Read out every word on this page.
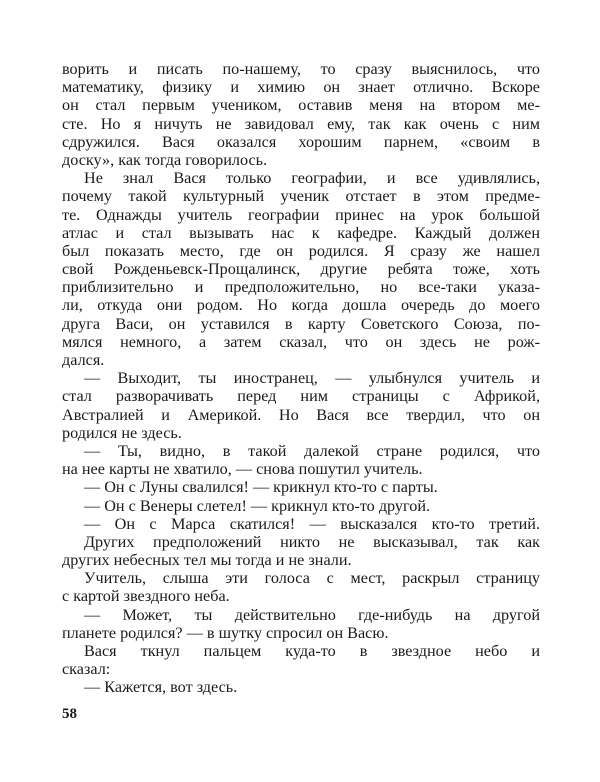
ворить и писать по-нашему, то сразу выяснилось, что
математику, физику и химию он знает отлично. Вскоре
он стал первым учеником, оставив меня на втором ме-
сте. Но я ничуть не завидовал ему, так как очень с ним
сдружился. Вася оказался хорошим парнем, «своим в
доску», как тогда говорилось.
Не знал Вася только географии, и все удивлялись,
почему такой культурный ученик отстает в этом предме-
те. Однажды учитель географии принес на урок большой
атлас и стал вызывать нас к кафедре. Каждый должен
был показать место, где он родился. Я сразу же нашел
свой Рожденьевск-Прощалинск, другие ребята тоже, хоть
приблизительно и предположительно, но все-таки указа-
ли, откуда они родом. Но когда дошла очередь до моего
друга Васи, он уставился в карту Советского Союза, по-
мялся немного, а затем сказал, что он здесь не рож-
дался.
— Выходит, ты иностранец, — улыбнулся учитель и
стал разворачивать перед ним страницы с Африкой,
Австралией и Америкой. Но Вася все твердил, что он
родился не здесь.
— Ты, видно, в такой далекой стране родился, что
на нее карты не хватило, — снова пошутил учитель.
— Он с Луны свалился! — крикнул кто-то с парты.
— Он с Венеры слетел! — крикнул кто-то другой.
— Он с Марса скатился! — высказался кто-то третий.
Других предположений никто не высказывал, так как
других небесных тел мы тогда и не знали.
Учитель, слыша эти голоса с мест, раскрыл страницу
с картой звездного неба.
— Может, ты действительно где-нибудь на другой
планете родился? — в шутку спросил он Васю.
Вася ткнул пальцем куда-то в звездное небо и
сказал:
— Кажется, вот здесь.
58
